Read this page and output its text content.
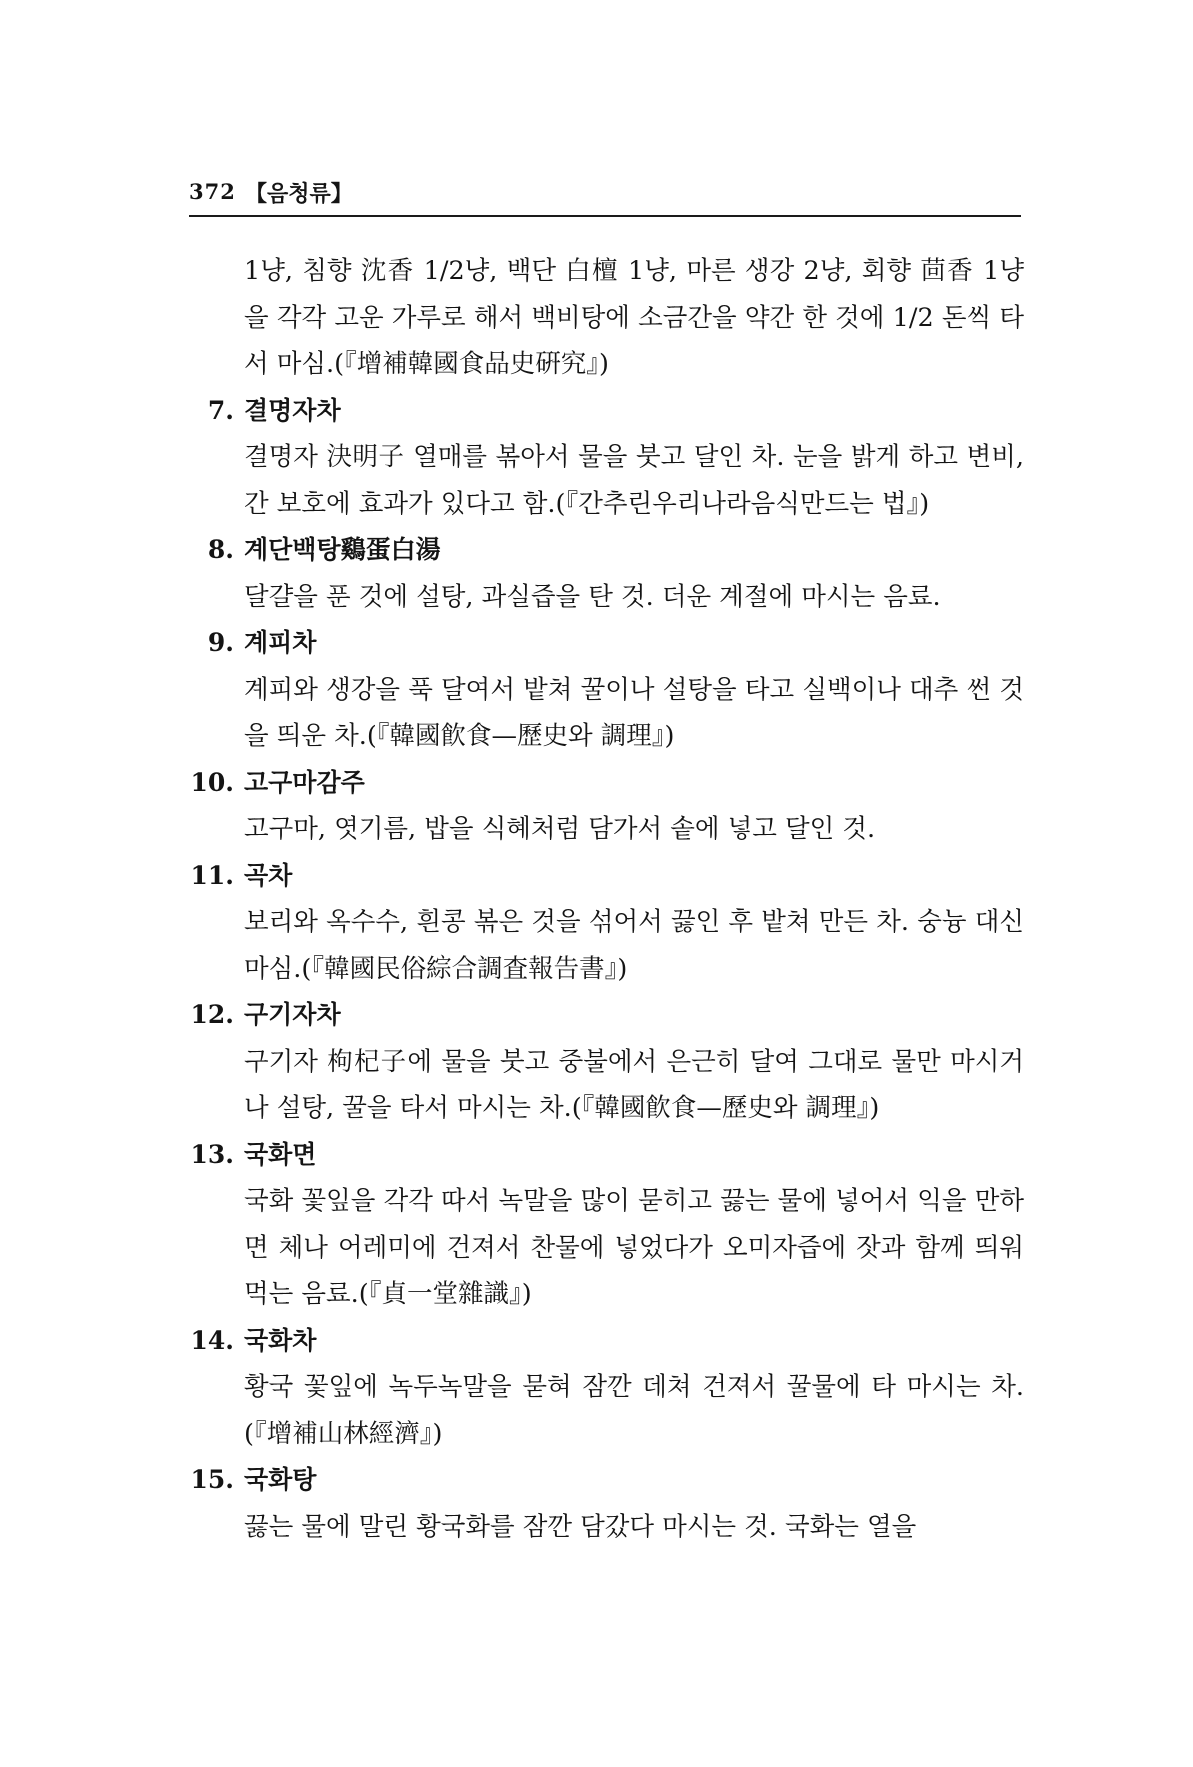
372 【음청류】

1냥, 침향 沈香 1/2냥, 백단 白檀 1냥, 마른 생강 2냥, 회향 茴香 1냥을 각각 고운 가루로 해서 백비탕에 소금간을 약간 한 것에 1/2 돈씩 타서 마심.(『增補韓國食品史硏究』)

7. 결명자차

결명자 決明子 열매를 볶아서 물을 붓고 달인 차. 눈을 밝게 하고 변비, 간 보호에 효과가 있다고 함.(『간추린우리나라음식만드는 법』)

8. 계단백탕鷄蛋白湯

달걀을 푼 것에 설탕, 과실즙을 탄 것. 더운 계절에 마시는 음료.

9. 계피차

계피와 생강을 푹 달여서 밭쳐 꿀이나 설탕을 타고 실백이나 대추 썬 것을 띄운 차.(『韓國飮食—歷史와 調理』)

10. 고구마감주

고구마, 엿기름, 밥을 식혜처럼 담가서 솥에 넣고 달인 것.

11. 곡차

보리와 옥수수, 흰콩 볶은 것을 섞어서 끓인 후 밭쳐 만든 차. 숭늉 대신 마심.(『韓國民俗綜合調査報告書』)

12. 구기자차

구기자 枸杞子에 물을 붓고 중불에서 은근히 달여 그대로 물만 마시거나 설탕, 꿀을 타서 마시는 차.(『韓國飮食—歷史와 調理』)

13. 국화면

국화 꽃잎을 각각 따서 녹말을 많이 묻히고 끓는 물에 넣어서 익을 만하면 체나 어레미에 건져서 찬물에 넣었다가 오미자즙에 잣과 함께 띄워 먹는 음료.(『貞一堂雜識』)

14. 국화차

황국 꽃잎에 녹두녹말을 묻혀 잠깐 데쳐 건져서 꿀물에 타 마시는 차.(『增補山林經濟』)

15. 국화탕

끓는 물에 말린 황국화를 잠깐 담갔다 마시는 것. 국화는 열을
